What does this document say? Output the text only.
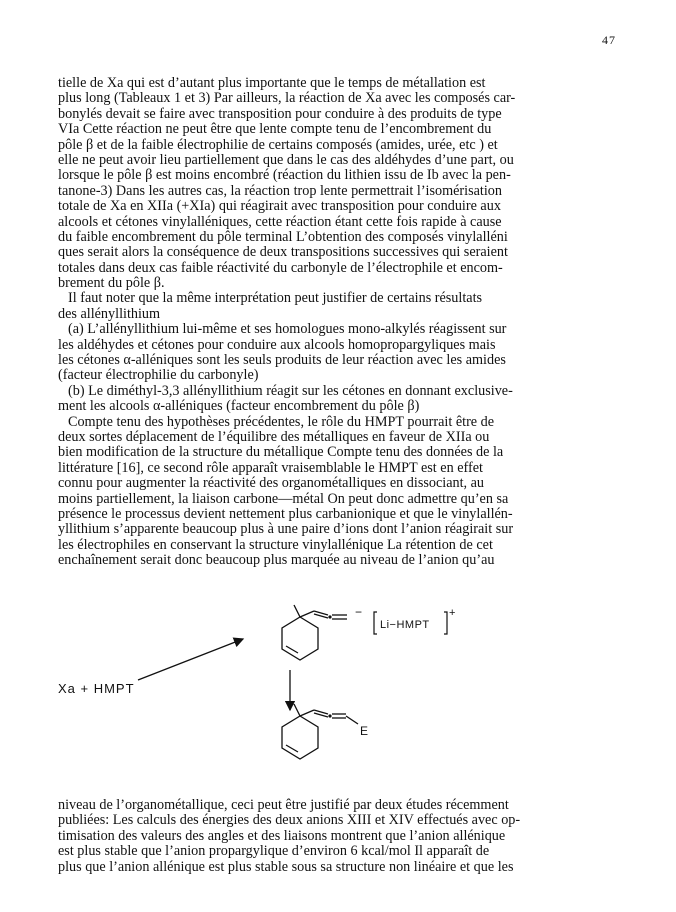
47
tielle de Xa qui est d’autant plus importante que le temps de métallation est
plus long (Tableaux 1 et 3) Par ailleurs, la réaction de Xa avec les composés car-
bonylés devait se faire avec transposition pour conduire à des produits de type
VIa Cette réaction ne peut être que lente compte tenu de l’encombrement du
pôle β et de la faible électrophilie de certains composés (amides, urée, etc ) et
elle ne peut avoir lieu partiellement que dans le cas des aldéhydes d’une part, ou
lorsque le pôle β est moins encombré (réaction du lithien issu de Ib avec la pen-
tanone-3) Dans les autres cas, la réaction trop lente permettrait l’isomérisation
totale de Xa en XIIa (+XIa) qui réagirait avec transposition pour conduire aux
alcools et cétones vinylalléniques, cette réaction étant cette fois rapide à cause
du faible encombrement du pôle terminal L’obtention des composés vinylalléni
ques serait alors la conséquence de deux transpositions successives qui seraient
totales dans deux cas faible réactivité du carbonyle de l’électrophile et encom-
brement du pôle β.
Il faut noter que la même interprétation peut justifier de certains résultats
des allényllithium
(a) L’allényllithium lui-même et ses homologues mono-alkylés réagissent sur
les aldéhydes et cétones pour conduire aux alcools homopropargyliques mais
les cétones α-alléniques sont les seuls produits de leur réaction avec les amides
(facteur électrophilie du carbonyle)
(b) Le diméthyl-3,3 allényllithium réagit sur les cétones en donnant exclusive-
ment les alcools α-alléniques (facteur encombrement du pôle β)
Compte tenu des hypothèses précédentes, le rôle du HMPT pourrait être de
deux sortes déplacement de l’équilibre des métalliques en faveur de XIIa ou
bien modification de la structure du métallique Compte tenu des données de la
littérature [16], ce second rôle apparaît vraisemblable le HMPT est en effet
connu pour augmenter la réactivité des organométalliques en dissociant, au
moins partiellement, la liaison carbone—métal On peut donc admettre qu’en sa
présence le processus devient nettement plus carbanionique et que le vinylallén-
yllithium s’apparente beaucoup plus à une paire d’ions dont l’anion réagirait sur
les électrophiles en conservant la structure vinylallénique La rétention de cet
enchaînement serait donc beaucoup plus marquée au niveau de l’anion qu’au
Xa + HMPT
−
Li−HMPT
+
E
niveau de l’organométallique, ceci peut être justifié par deux études récemment
publiées: Les calculs des énergies des deux anions XIII et XIV effectués avec op-
timisation des valeurs des angles et des liaisons montrent que l’anion allénique
est plus stable que l’anion propargylique d’environ 6 kcal/mol Il apparaît de
plus que l’anion allénique est plus stable sous sa structure non linéaire et que les
